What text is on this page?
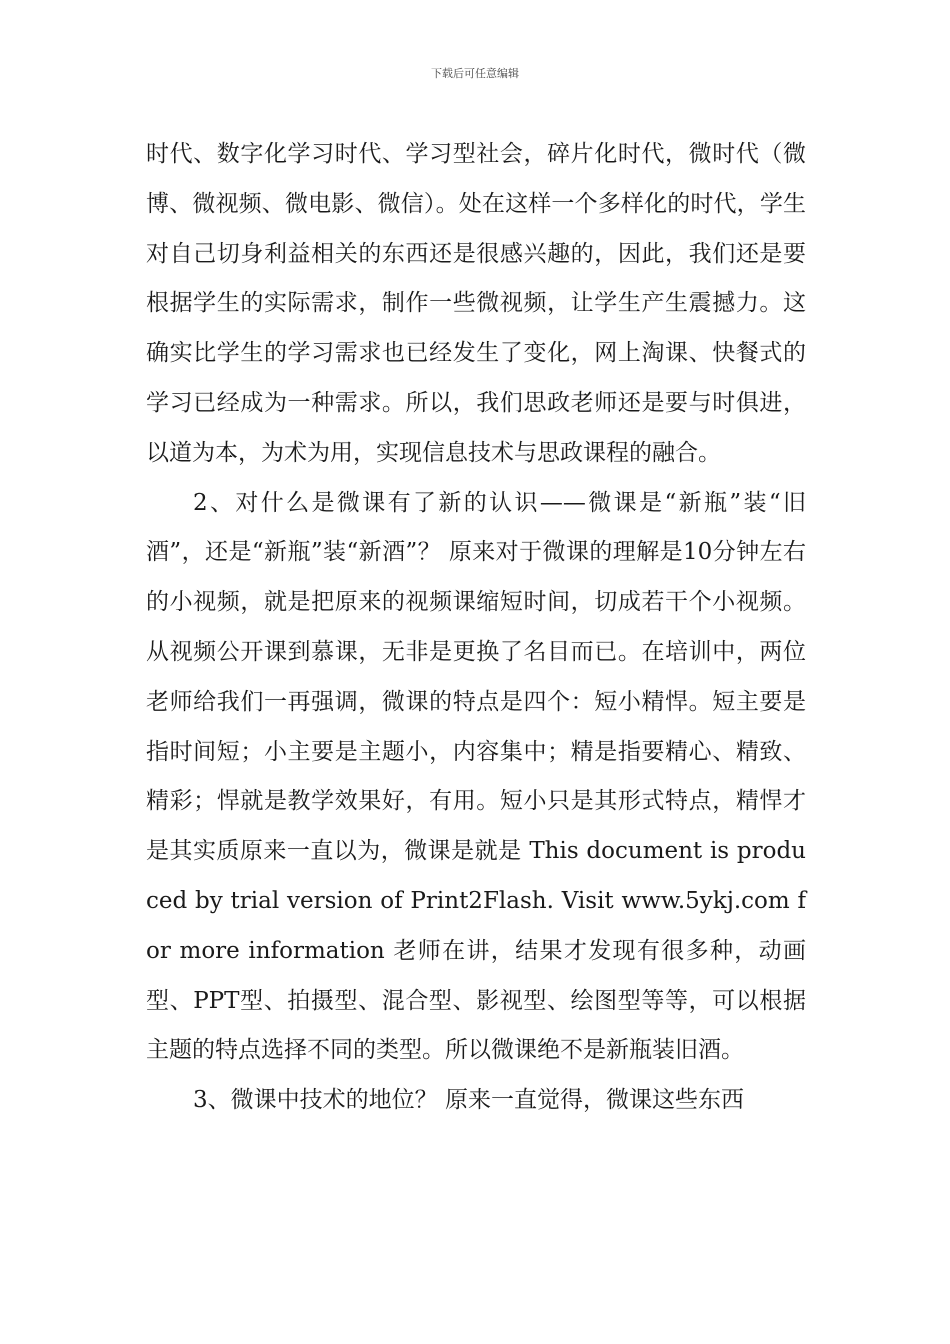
下载后可任意编辑

时代、数字化学习时代、学习型社会，碎片化时代，微时代（微博、微视频、微电影、微信）。处在这样一个多样化的时代，学生对自己切身利益相关的东西还是很感兴趣的，因此，我们还是要根据学生的实际需求，制作一些微视频，让学生产生震撼力。这确实比学生的学习需求也已经发生了变化，网上淘课、快餐式的学习已经成为一种需求。所以，我们思政老师还是要与时俱进，以道为本，为术为用，实现信息技术与思政课程的融合。

2、对什么是微课有了新的认识——微课是“新瓶”装“旧酒”，还是“新瓶”装“新酒”？ 原来对于微课的理解是10分钟左右的小视频，就是把原来的视频课缩短时间，切成若干个小视频。从视频公开课到慕课，无非是更换了名目而已。在培训中，两位老师给我们一再强调，微课的特点是四个：短小精悍。短主要是指时间短；小主要是主题小，内容集中；精是指要精心、精致、精彩；悍就是教学效果好，有用。短小只是其形式特点，精悍才是其实质原来一直以为，微课是就是 This document is produced by trial version of Print2Flash. Visit www.5ykj.com for more information 老师在讲，结果才发现有很多种，动画型、PPT型、拍摄型、混合型、影视型、绘图型等等，可以根据主题的特点选择不同的类型。所以微课绝不是新瓶装旧酒。

3、微课中技术的地位？ 原来一直觉得，微课这些东西
